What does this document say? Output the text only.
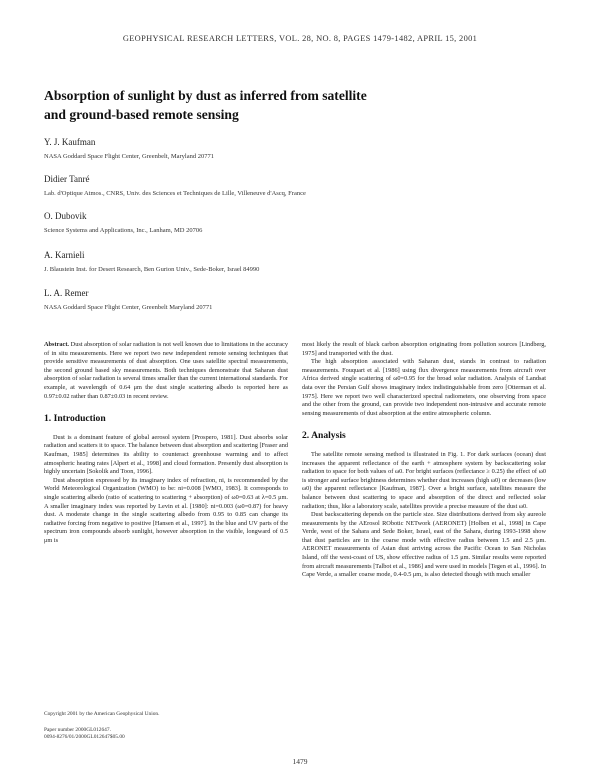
GEOPHYSICAL RESEARCH LETTERS, VOL. 28, NO. 8, PAGES 1479-1482, APRIL 15, 2001
Absorption of sunlight by dust as inferred from satellite
and ground-based remote sensing
Y. J. Kaufman
NASA Goddard Space Flight Center, Greenbelt, Maryland 20771
Didier Tanré
Lab. d'Optique Atmos., CNRS, Univ. des Sciences et Techniques de Lille, Villeneuve d'Ascq, France
O. Dubovik
Science Systems and Applications, Inc., Lanham, MD 20706
A. Karnieli
J. Blaustein Inst. for Desert Research, Ben Gurion Univ., Sede-Boker, Israel 84990
L. A. Remer
NASA Goddard Space Flight Center, Greenbelt Maryland 20771

Abstract. Dust absorption of solar radiation is not well known due to limitations in the accuracy of in situ measurements. Here we report two new independent remote sensing techniques that provide sensitive measurements of dust absorption. One uses satellite spectral measurements, the second ground based sky measurements. Both techniques demonstrate that Saharan dust absorption of solar radiation is several times smaller than the current international standards. For example, at wavelength of 0.64 μm the dust single scattering albedo is reported here as 0.97±0.02 rather than 0.87±0.03 in recent review.

1. Introduction

Dust is a dominant feature of global aerosol system [Prospero, 1981]. Dust absorbs solar radiation and scatters it to space. The balance between dust absorption and scattering [Fraser and Kaufman, 1985] determines its ability to counteract greenhouse warming and to affect atmospheric heating rates [Alpert et al., 1998] and cloud formation. Presently dust absorption is highly uncertain [Sokolik and Toon, 1996].

Dust absorption expressed by its imaginary index of refraction, ni, is recommended by the World Meteorological Organization (WMO) to be: ni=0.008 [WMO, 1983]. It corresponds to single scattering albedo (ratio of scattering to scattering + absorption) of ω0=0.63 at λ=0.5 μm. A smaller imaginary index was reported by Levin et al. [1980]: ni=0.003 (ω0=0.87) for heavy dust. A moderate change in the single scattering albedo from 0.95 to 0.85 can change its radiative forcing from negative to positive [Hansen et al., 1997]. In the blue and UV parts of the spectrum iron compounds absorb sunlight, however absorption in the visible, longward of 0.5 μm is

most likely the result of black carbon absorption originating from pollution sources [Lindberg, 1975] and transported with the dust.

The high absorption associated with Saharan dust, stands in contrast to radiation measurements. Fouquart et al. [1986] using flux divergence measurements from aircraft over Africa derived single scattering of ω0=0.95 for the broad solar radiation. Analysis of Landsat data over the Persian Gulf shows imaginary index indistinguishable from zero [Otterman et al. 1975]. Here we report two well characterized spectral radiometers, one observing from space and the other from the ground, can provide two independent non-intrusive and accurate remote sensing measurements of dust absorption at the entire atmospheric column.

2. Analysis

The satellite remote sensing method is illustrated in Fig. 1. For dark surfaces (ocean) dust increases the apparent reflectance of the earth + atmosphere system by backscattering solar radiation to space for both values of ω0. For bright surfaces (reflectance ≥ 0.25) the effect of ω0 is stronger and surface brightness determines whether dust increases (high ω0) or decreases (low ω0) the apparent reflectance [Kaufman, 1987]. Over a bright surface, satellites measure the balance between dust scattering to space and absorption of the direct and reflected solar radiation; thus, like a laboratory scale, satellites provide a precise measure of the dust ω0.

Dust backscattering depends on the particle size. Size distributions derived from sky aureole measurements by the AErosol RObotic NETwork (AERONET) [Holben et al., 1998] in Cape Verde, west of the Sahara and Sede Boker, Israel, east of the Sahara, during 1993-1998 show that dust particles are in the coarse mode with effective radius between 1.5 and 2.5 μm. AERONET measurements of Asian dust arriving across the Pacific Ocean to San Nicholas Island, off the west-coast of US, show effective radius of 1.5 μm. Similar results were reported from aircraft measurements [Talbot et al., 1986] and were used in models [Tegen et al., 1996]. In Cape Verde, a smaller coarse mode, 0.4-0.5 μm, is also detected though with much smaller

Copyright 2001 by the American Geophysical Union.
Paper number 2000GL012647.
0094-8276/01/2000GL012647$05.00
1479
